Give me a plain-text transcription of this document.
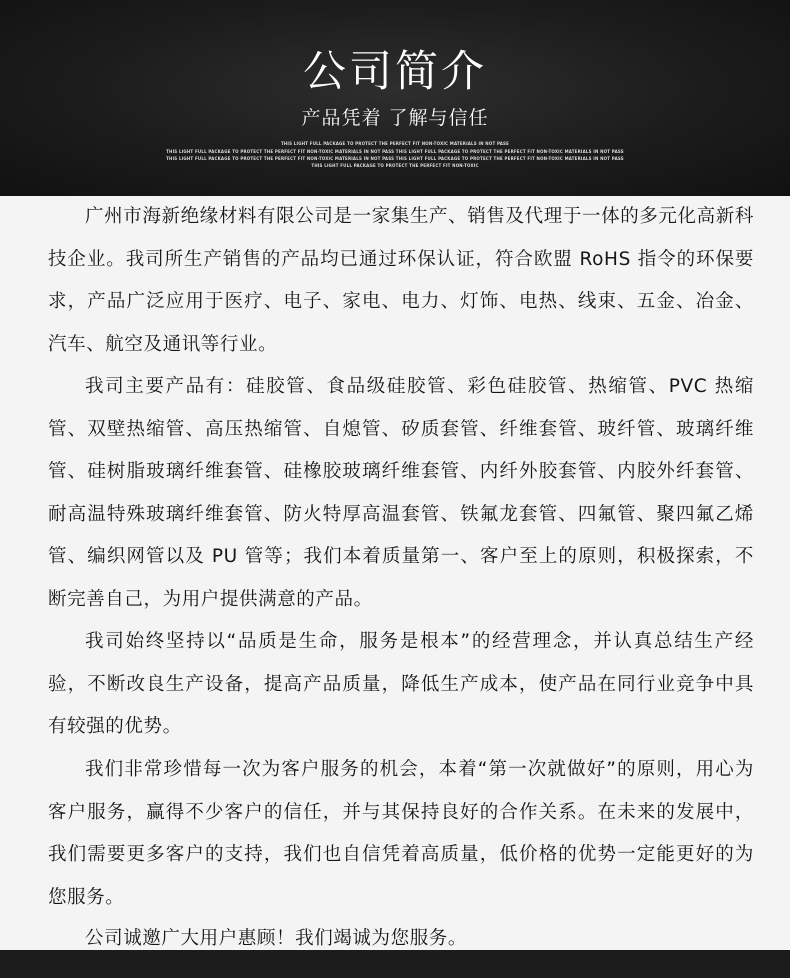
公司简介
产品凭着 了解与信任
THIS LIGHT FULL PACKAGE TO PROTECT THE PERFECT FIT NON-TOXIC MATERIALS IN NOT PASS
THIS LIGHT FULL PACKAGE TO PROTECT THE PERFECT FIT NON-TOXIC MATERIALS IN NOT PASS THIS LIGHT FULL PACKAGE TO PROTECT THE PERFECT FIT NON-TOXIC MATERIALS IN NOT PASS
THIS LIGHT FULL PACKAGE TO PROTECT THE PERFECT FIT NON-TOXIC MATERIALS IN NOT PASS THIS LIGHT FULL PACKAGE TO PROTECT THE PERFECT FIT NON-TOXIC MATERIALS IN NOT PASS
THIS LIGHT FULL PACKAGE TO PROTECT THE PERFECT FIT NON-TOXIC

广州市海新绝缘材料有限公司是一家集生产、销售及代理于一体的多元化高新科技企业。我司所生产销售的产品均已通过环保认证，符合欧盟 RoHS 指令的环保要求，产品广泛应用于医疗、电子、家电、电力、灯饰、电热、线束、五金、冶金、汽车、航空及通讯等行业。

我司主要产品有：硅胶管、食品级硅胶管、彩色硅胶管、热缩管、PVC 热缩管、双壁热缩管、高压热缩管、自熄管、矽质套管、纤维套管、玻纤管、玻璃纤维管、硅树脂玻璃纤维套管、硅橡胶玻璃纤维套管、内纤外胶套管、内胶外纤套管、耐高温特殊玻璃纤维套管、防火特厚高温套管、铁氟龙套管、四氟管、聚四氟乙烯管、编织网管以及 PU 管等；我们本着质量第一、客户至上的原则，积极探索，不断完善自己，为用户提供满意的产品。

我司始终坚持以“品质是生命，服务是根本”的经营理念，并认真总结生产经验，不断改良生产设备，提高产品质量，降低生产成本，使产品在同行业竞争中具有较强的优势。

我们非常珍惜每一次为客户服务的机会，本着“第一次就做好”的原则，用心为客户服务，赢得不少客户的信任，并与其保持良好的合作关系。在未来的发展中，我们需要更多客户的支持，我们也自信凭着高质量，低价格的优势一定能更好的为您服务。

公司诚邀广大用户惠顾！我们竭诚为您服务。
